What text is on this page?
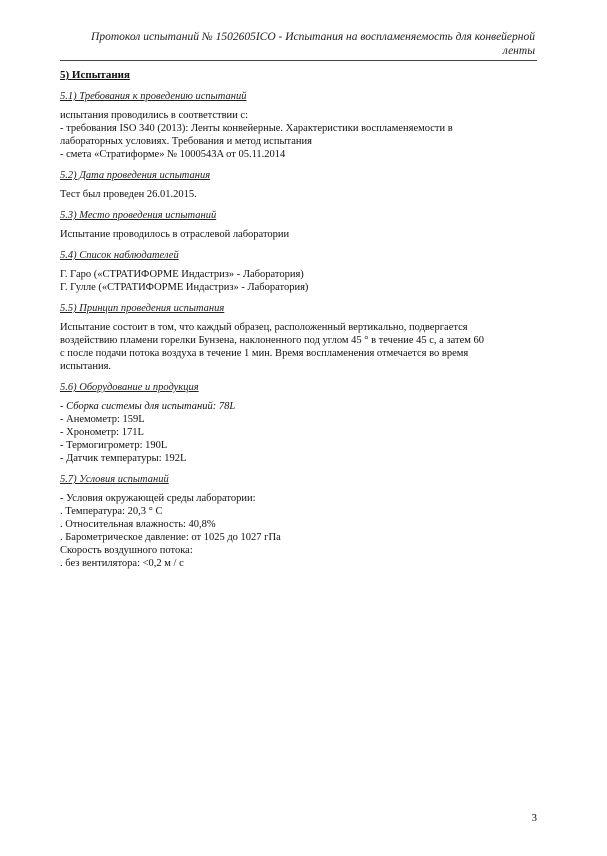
Протокол испытаний № 1502605ICO - Испытания на воспламеняемость для конвейерной
ленты
5) Испытания
5.1) Требования к проведению испытаний
испытания проводились в соответствии с:
- требования ISO 340 (2013): Ленты конвейерные. Характеристики воспламеняемости в
лабораторных условиях. Требования и метод испытания
- смета «Стратиформе» № 1000543A от 05.11.2014
5.2) Дата проведения испытания
Тест был проведен 26.01.2015.
5.3) Место проведения испытаний
Испытание проводилось в отраслевой лаборатории
5.4) Список наблюдателей
Г. Гаро («СТРАТИФОРМЕ Индастриз» - Лаборатория)
Г. Гулле («СТРАТИФОРМЕ Индастриз» - Лаборатория)
5.5) Принцип проведения испытания
Испытание состоит в том, что каждый образец, расположенный вертикально, подвергается
воздействию пламени горелки Бунзена, наклоненного под углом 45 ° в течение 45 с, а затем 60
с после подачи потока воздуха в течение 1 мин. Время воспламенения отмечается во время
испытания.
5.6) Оборудование и продукция
- Сборка системы для испытаний: 78L
- Анемометр: 159L
- Хронометр: 171L
- Термогигрометр: 190L
- Датчик температуры: 192L
5.7) Условия испытаний
- Условия окружающей среды лаборатории:
. Температура: 20,3 ° C
. Относительная влажность: 40,8%
. Барометрическое давление: от 1025 до 1027 гПа
Скорость воздушного потока:
. без вентилятора: <0,2 м / с
3
